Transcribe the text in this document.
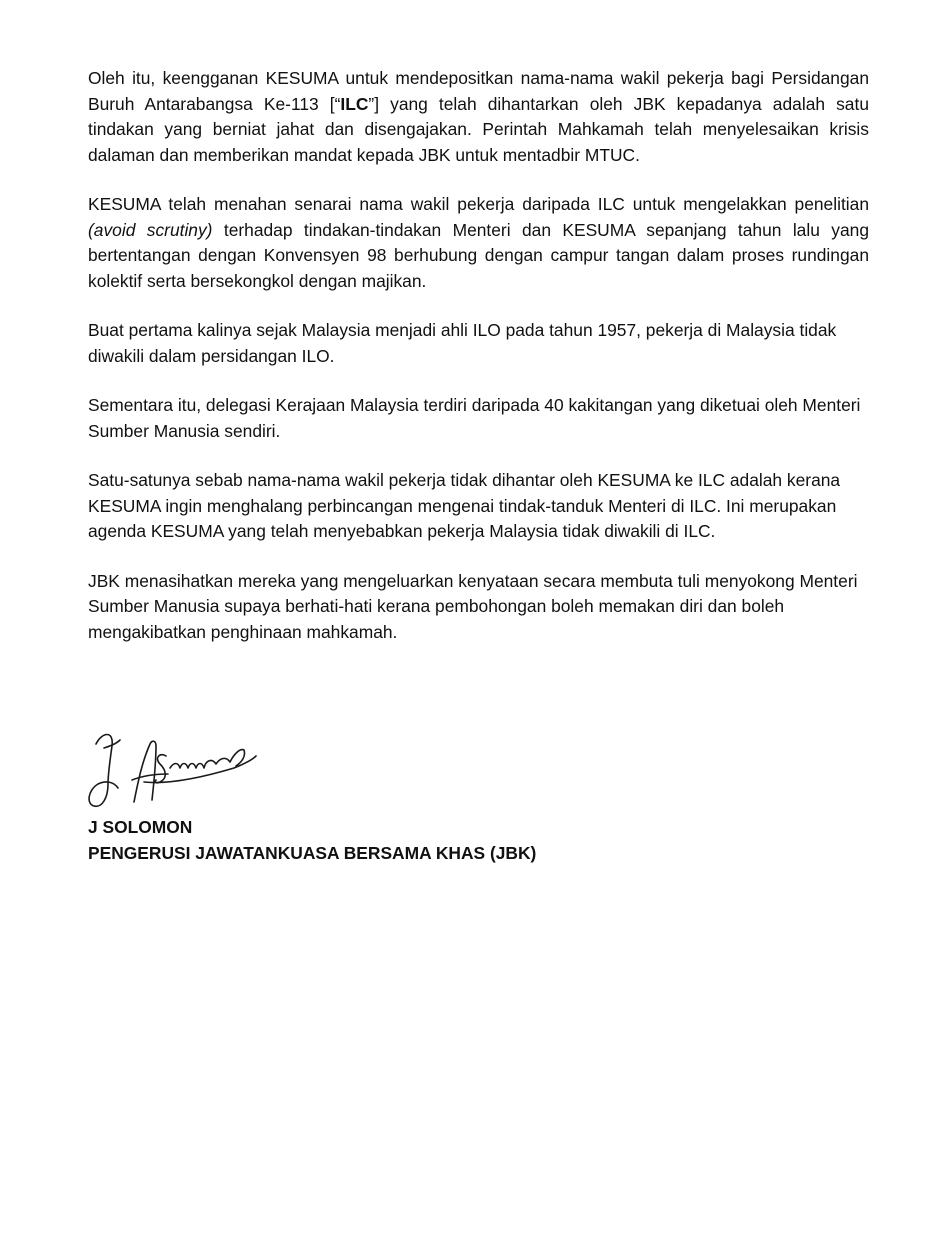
Oleh itu, keengganan KESUMA untuk mendepositkan nama-nama wakil pekerja bagi Persidangan Buruh Antarabangsa Ke-113 [“ILC”] yang telah dihantarkan oleh JBK kepadanya adalah satu tindakan yang berniat jahat dan disengajakan. Perintah Mahkamah telah menyelesaikan krisis dalaman dan memberikan mandat kepada JBK untuk mentadbir MTUC.

KESUMA telah menahan senarai nama wakil pekerja daripada ILC untuk mengelakkan penelitian (avoid scrutiny) terhadap tindakan-tindakan Menteri dan KESUMA sepanjang tahun lalu yang bertentangan dengan Konvensyen 98 berhubung dengan campur tangan dalam proses rundingan kolektif serta bersekongkol dengan majikan.

Buat pertama kalinya sejak Malaysia menjadi ahli ILO pada tahun 1957, pekerja di Malaysia tidak diwakili dalam persidangan ILO.

Sementara itu, delegasi Kerajaan Malaysia terdiri daripada 40 kakitangan yang diketuai oleh Menteri Sumber Manusia sendiri.

Satu-satunya sebab nama-nama wakil pekerja tidak dihantar oleh KESUMA ke ILC adalah kerana KESUMA ingin menghalang perbincangan mengenai tindak-tanduk Menteri di ILC. Ini merupakan agenda KESUMA yang telah menyebabkan pekerja Malaysia tidak diwakili di ILC.

JBK menasihatkan mereka yang mengeluarkan kenyataan secara membuta tuli menyokong Menteri Sumber Manusia supaya berhati-hati kerana pembohongan boleh memakan diri dan boleh mengakibatkan penghinaan mahkamah.

J SOLOMON

PENGERUSI JAWATANKUASA BERSAMA KHAS (JBK)
